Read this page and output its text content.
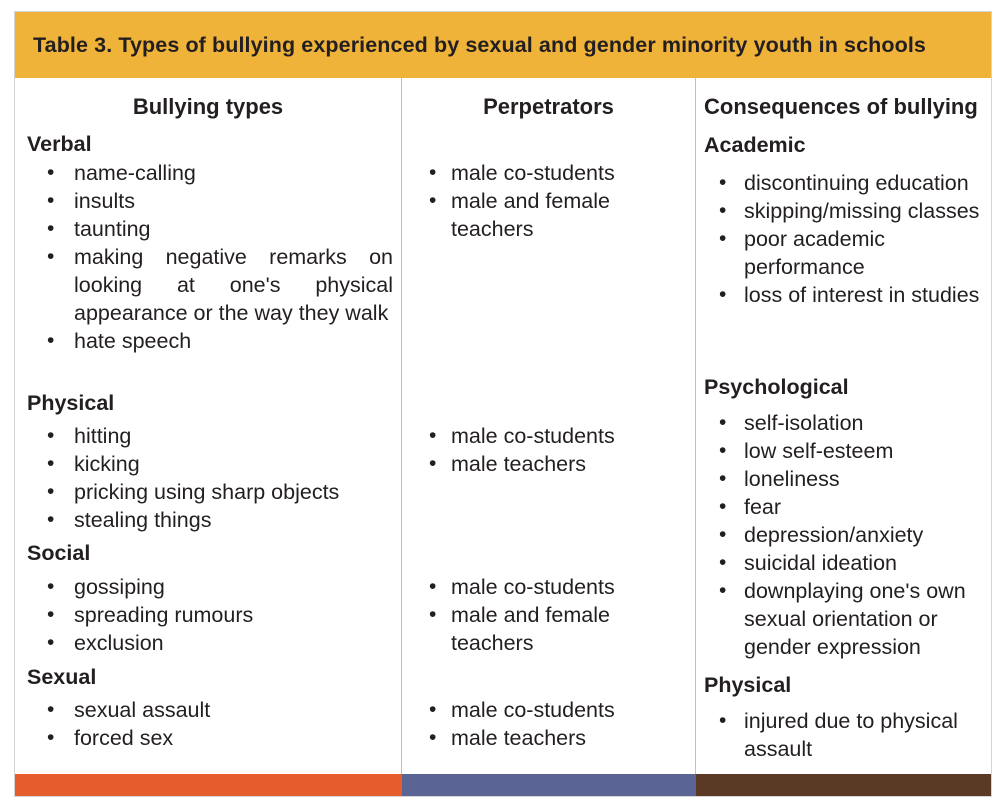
Table 3. Types of bullying experienced by sexual and gender minority youth in schools
Bullying types
Verbal
• name-calling
• insults
• taunting
• making negative remarks on looking at one's physical appearance or the way they walk
• hate speech
Physical
• hitting
• kicking
• pricking using sharp objects
• stealing things
Social
• gossiping
• spreading rumours
• exclusion
Sexual
• sexual assault
• forced sex
Perpetrators
• male co-students
• male and female teachers
• male co-students
• male teachers
• male co-students
• male and female teachers
• male co-students
• male teachers
Consequences of bullying
Academic
• discontinuing education
• skipping/missing classes
• poor academic performance
• loss of interest in studies
Psychological
• self-isolation
• low self-esteem
• loneliness
• fear
• depression/anxiety
• suicidal ideation
• downplaying one's own sexual orientation or gender expression
Physical
• injured due to physical assault
